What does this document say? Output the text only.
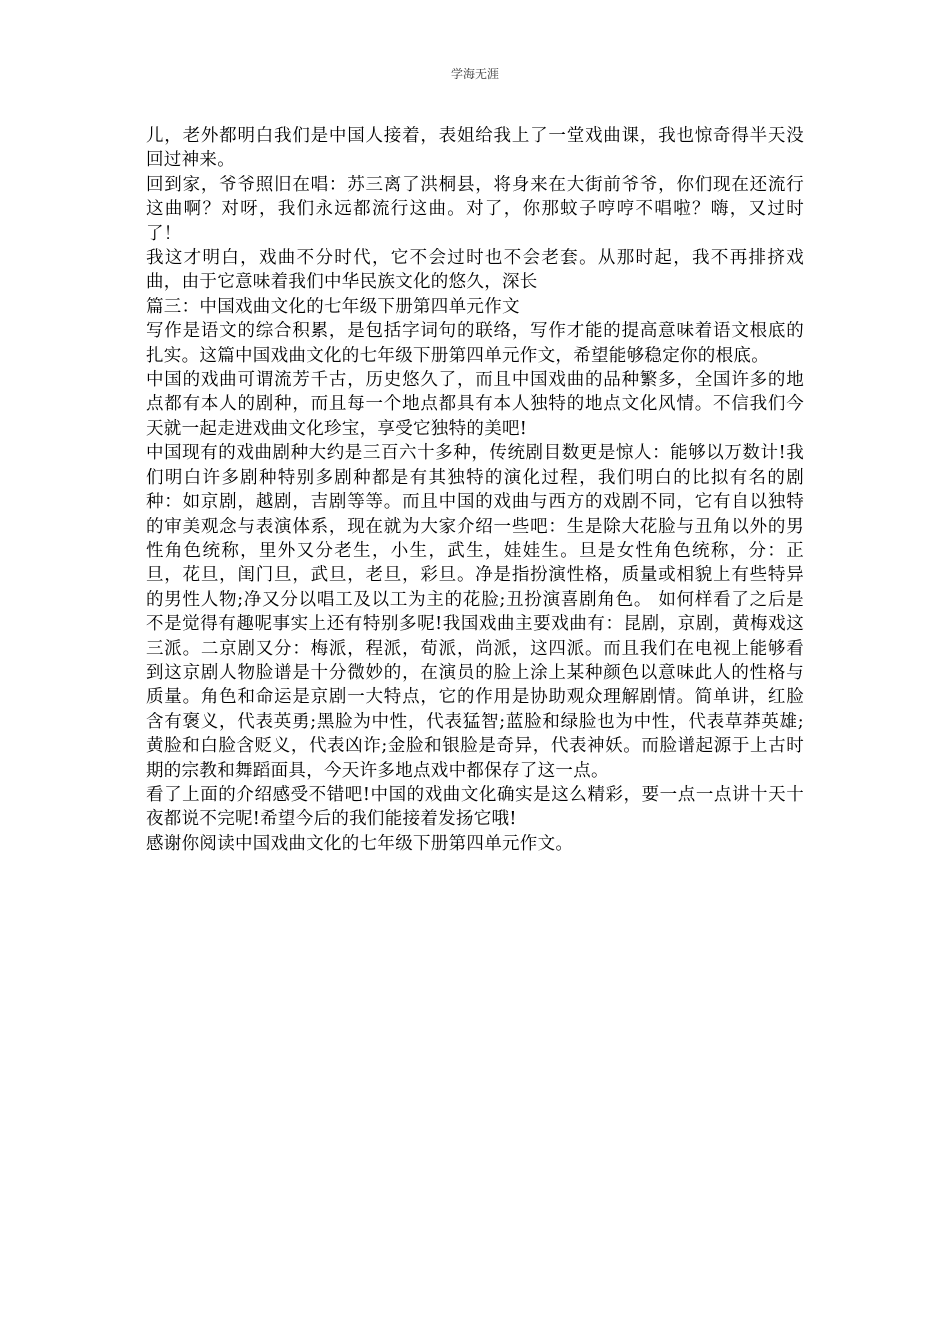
学海无涯

儿，老外都明白我们是中国人接着，表姐给我上了一堂戏曲课，我也惊奇得半天没回过神来。

回到家，爷爷照旧在唱：苏三离了洪桐县，将身来在大街前爷爷，你们现在还流行这曲啊？对呀，我们永远都流行这曲。对了，你那蚊子哼哼不唱啦？嗨，又过时了！

我这才明白，戏曲不分时代，它不会过时也不会老套。从那时起，我不再排挤戏曲，由于它意味着我们中华民族文化的悠久，深长

篇三：中国戏曲文化的七年级下册第四单元作文

写作是语文的综合积累，是包括字词句的联络，写作才能的提高意味着语文根底的扎实。这篇中国戏曲文化的七年级下册第四单元作文，希望能够稳定你的根底。

中国的戏曲可谓流芳千古，历史悠久了，而且中国戏曲的品种繁多，全国许多的地点都有本人的剧种，而且每一个地点都具有本人独特的地点文化风情。不信我们今天就一起走进戏曲文化珍宝，享受它独特的美吧!

中国现有的戏曲剧种大约是三百六十多种，传统剧目数更是惊人：能够以万数计!我们明白许多剧种特别多剧种都是有其独特的演化过程，我们明白的比拟有名的剧种：如京剧，越剧，吉剧等等。而且中国的戏曲与西方的戏剧不同，它有自以独特的审美观念与表演体系，现在就为大家介绍一些吧：生是除大花脸与丑角以外的男性角色统称，里外又分老生，小生，武生，娃娃生。旦是女性角色统称，分：正旦，花旦，闺门旦，武旦，老旦，彩旦。净是指扮演性格，质量或相貌上有些特异的男性人物;净又分以唱工及以工为主的花脸;丑扮演喜剧角色。 如何样看了之后是不是觉得有趣呢事实上还有特别多呢!我国戏曲主要戏曲有：昆剧，京剧，黄梅戏这三派。二京剧又分：梅派，程派，荀派，尚派，这四派。而且我们在电视上能够看到这京剧人物脸谱是十分微妙的，在演员的脸上涂上某种颜色以意味此人的性格与质量。角色和命运是京剧一大特点，它的作用是协助观众理解剧情。简单讲，红脸含有褒义，代表英勇;黑脸为中性，代表猛智;蓝脸和绿脸也为中性，代表草莽英雄;黄脸和白脸含贬义，代表凶诈;金脸和银脸是奇异，代表神妖。而脸谱起源于上古时期的宗教和舞蹈面具，今天许多地点戏中都保存了这一点。

看了上面的介绍感受不错吧!中国的戏曲文化确实是这么精彩，要一点一点讲十天十夜都说不完呢!希望今后的我们能接着发扬它哦!

感谢你阅读中国戏曲文化的七年级下册第四单元作文。
